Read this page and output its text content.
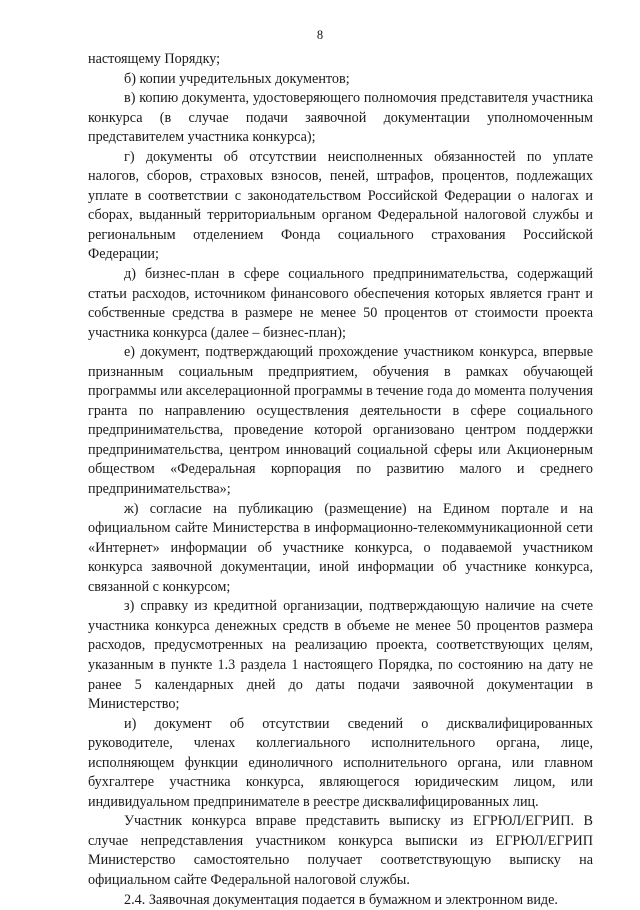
8

настоящему Порядку;

б) копии учредительных документов;

в) копию документа, удостоверяющего полномочия представителя участника конкурса (в случае подачи заявочной документации уполномоченным представителем участника конкурса);

г) документы об отсутствии неисполненных обязанностей по уплате налогов, сборов, страховых взносов, пеней, штрафов, процентов, подлежащих уплате в соответствии с законодательством Российской Федерации о налогах и сборах, выданный территориальным органом Федеральной налоговой службы и региональным отделением Фонда социального страхования Российской Федерации;

д) бизнес-план в сфере социального предпринимательства, содержащий статьи расходов, источником финансового обеспечения которых является грант и собственные средства в размере не менее 50 процентов от стоимости проекта участника конкурса (далее – бизнес-план);

е) документ, подтверждающий прохождение участником конкурса, впервые признанным социальным предприятием, обучения в рамках обучающей программы или акселерационной программы в течение года до момента получения гранта по направлению осуществления деятельности в сфере социального предпринимательства, проведение которой организовано центром поддержки предпринимательства, центром инноваций социальной сферы или Акционерным обществом «Федеральная корпорация по развитию малого и среднего предпринимательства»;

ж) согласие на публикацию (размещение) на Едином портале и на официальном сайте Министерства в информационно-телекоммуникационной сети «Интернет» информации об участнике конкурса, о подаваемой участником конкурса заявочной документации, иной информации об участнике конкурса, связанной с конкурсом;

з) справку из кредитной организации, подтверждающую наличие на счете участника конкурса денежных средств в объеме не менее 50 процентов размера расходов, предусмотренных на реализацию проекта, соответствующих целям, указанным в пункте 1.3 раздела 1 настоящего Порядка, по состоянию на дату не ранее 5 календарных дней до даты подачи заявочной документации в Министерство;

и) документ об отсутствии сведений о дисквалифицированных руководителе, членах коллегиального исполнительного органа, лице, исполняющем функции единоличного исполнительного органа, или главном бухгалтере участника конкурса, являющегося юридическим лицом, или индивидуальном предпринимателе в реестре дисквалифицированных лиц.

Участник конкурса вправе представить выписку из ЕГРЮЛ/ЕГРИП. В случае непредставления участником конкурса выписки из ЕГРЮЛ/ЕГРИП Министерство самостоятельно получает соответствующую выписку на официальном сайте Федеральной налоговой службы.

2.4. Заявочная документация подается в бумажном и электронном виде.
